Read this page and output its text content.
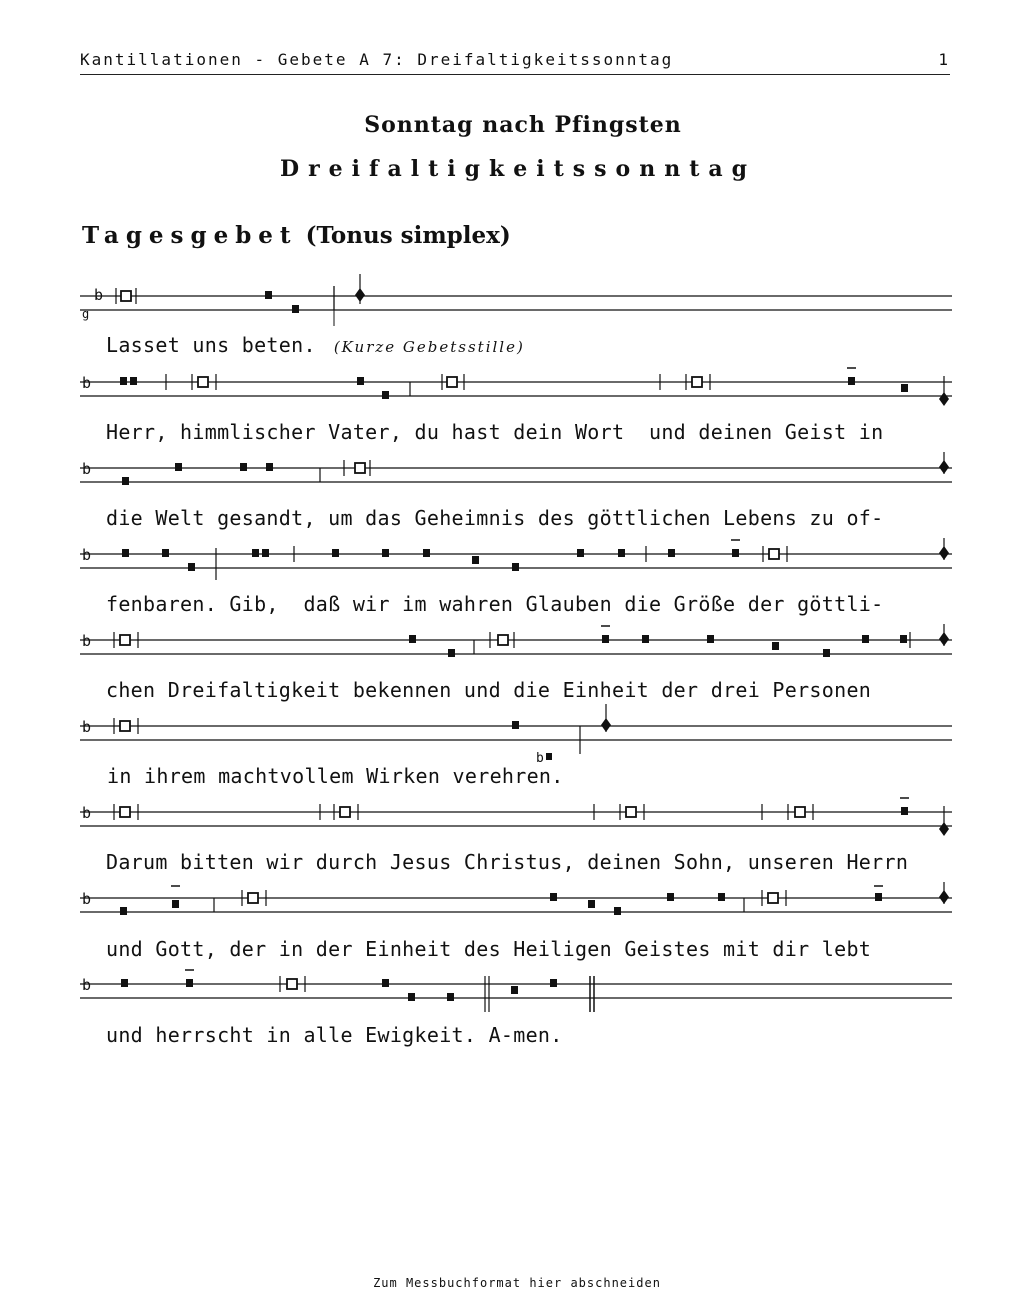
Kantillationen - Gebete A 7: Dreifaltigkeitssonntag	1
Sonntag nach Pfingsten
Dreifaltigkeitssonntag
Tagesgebet (Tonus simplex)
b
g
Lasset uns beten. (Kurze Gebetsstille)
b
Herr, himmlischer Vater, du hast dein Wort  und deinen Geist in
b
die Welt gesandt, um das Geheimnis des göttlichen Lebens zu of-
b
fenbaren. Gib,  daß wir im wahren Glauben die Größe der göttli-
b
chen Dreifaltigkeit bekennen und die Einheit der drei Personen
b
b
in ihrem machtvollem Wirken verehren.
b
Darum bitten wir durch Jesus Christus, deinen Sohn, unseren Herrn
b
und Gott, der in der Einheit des Heiligen Geistes mit dir lebt
b
und herrscht in alle Ewigkeit. A-men.
Zum Messbuchformat hier abschneiden
